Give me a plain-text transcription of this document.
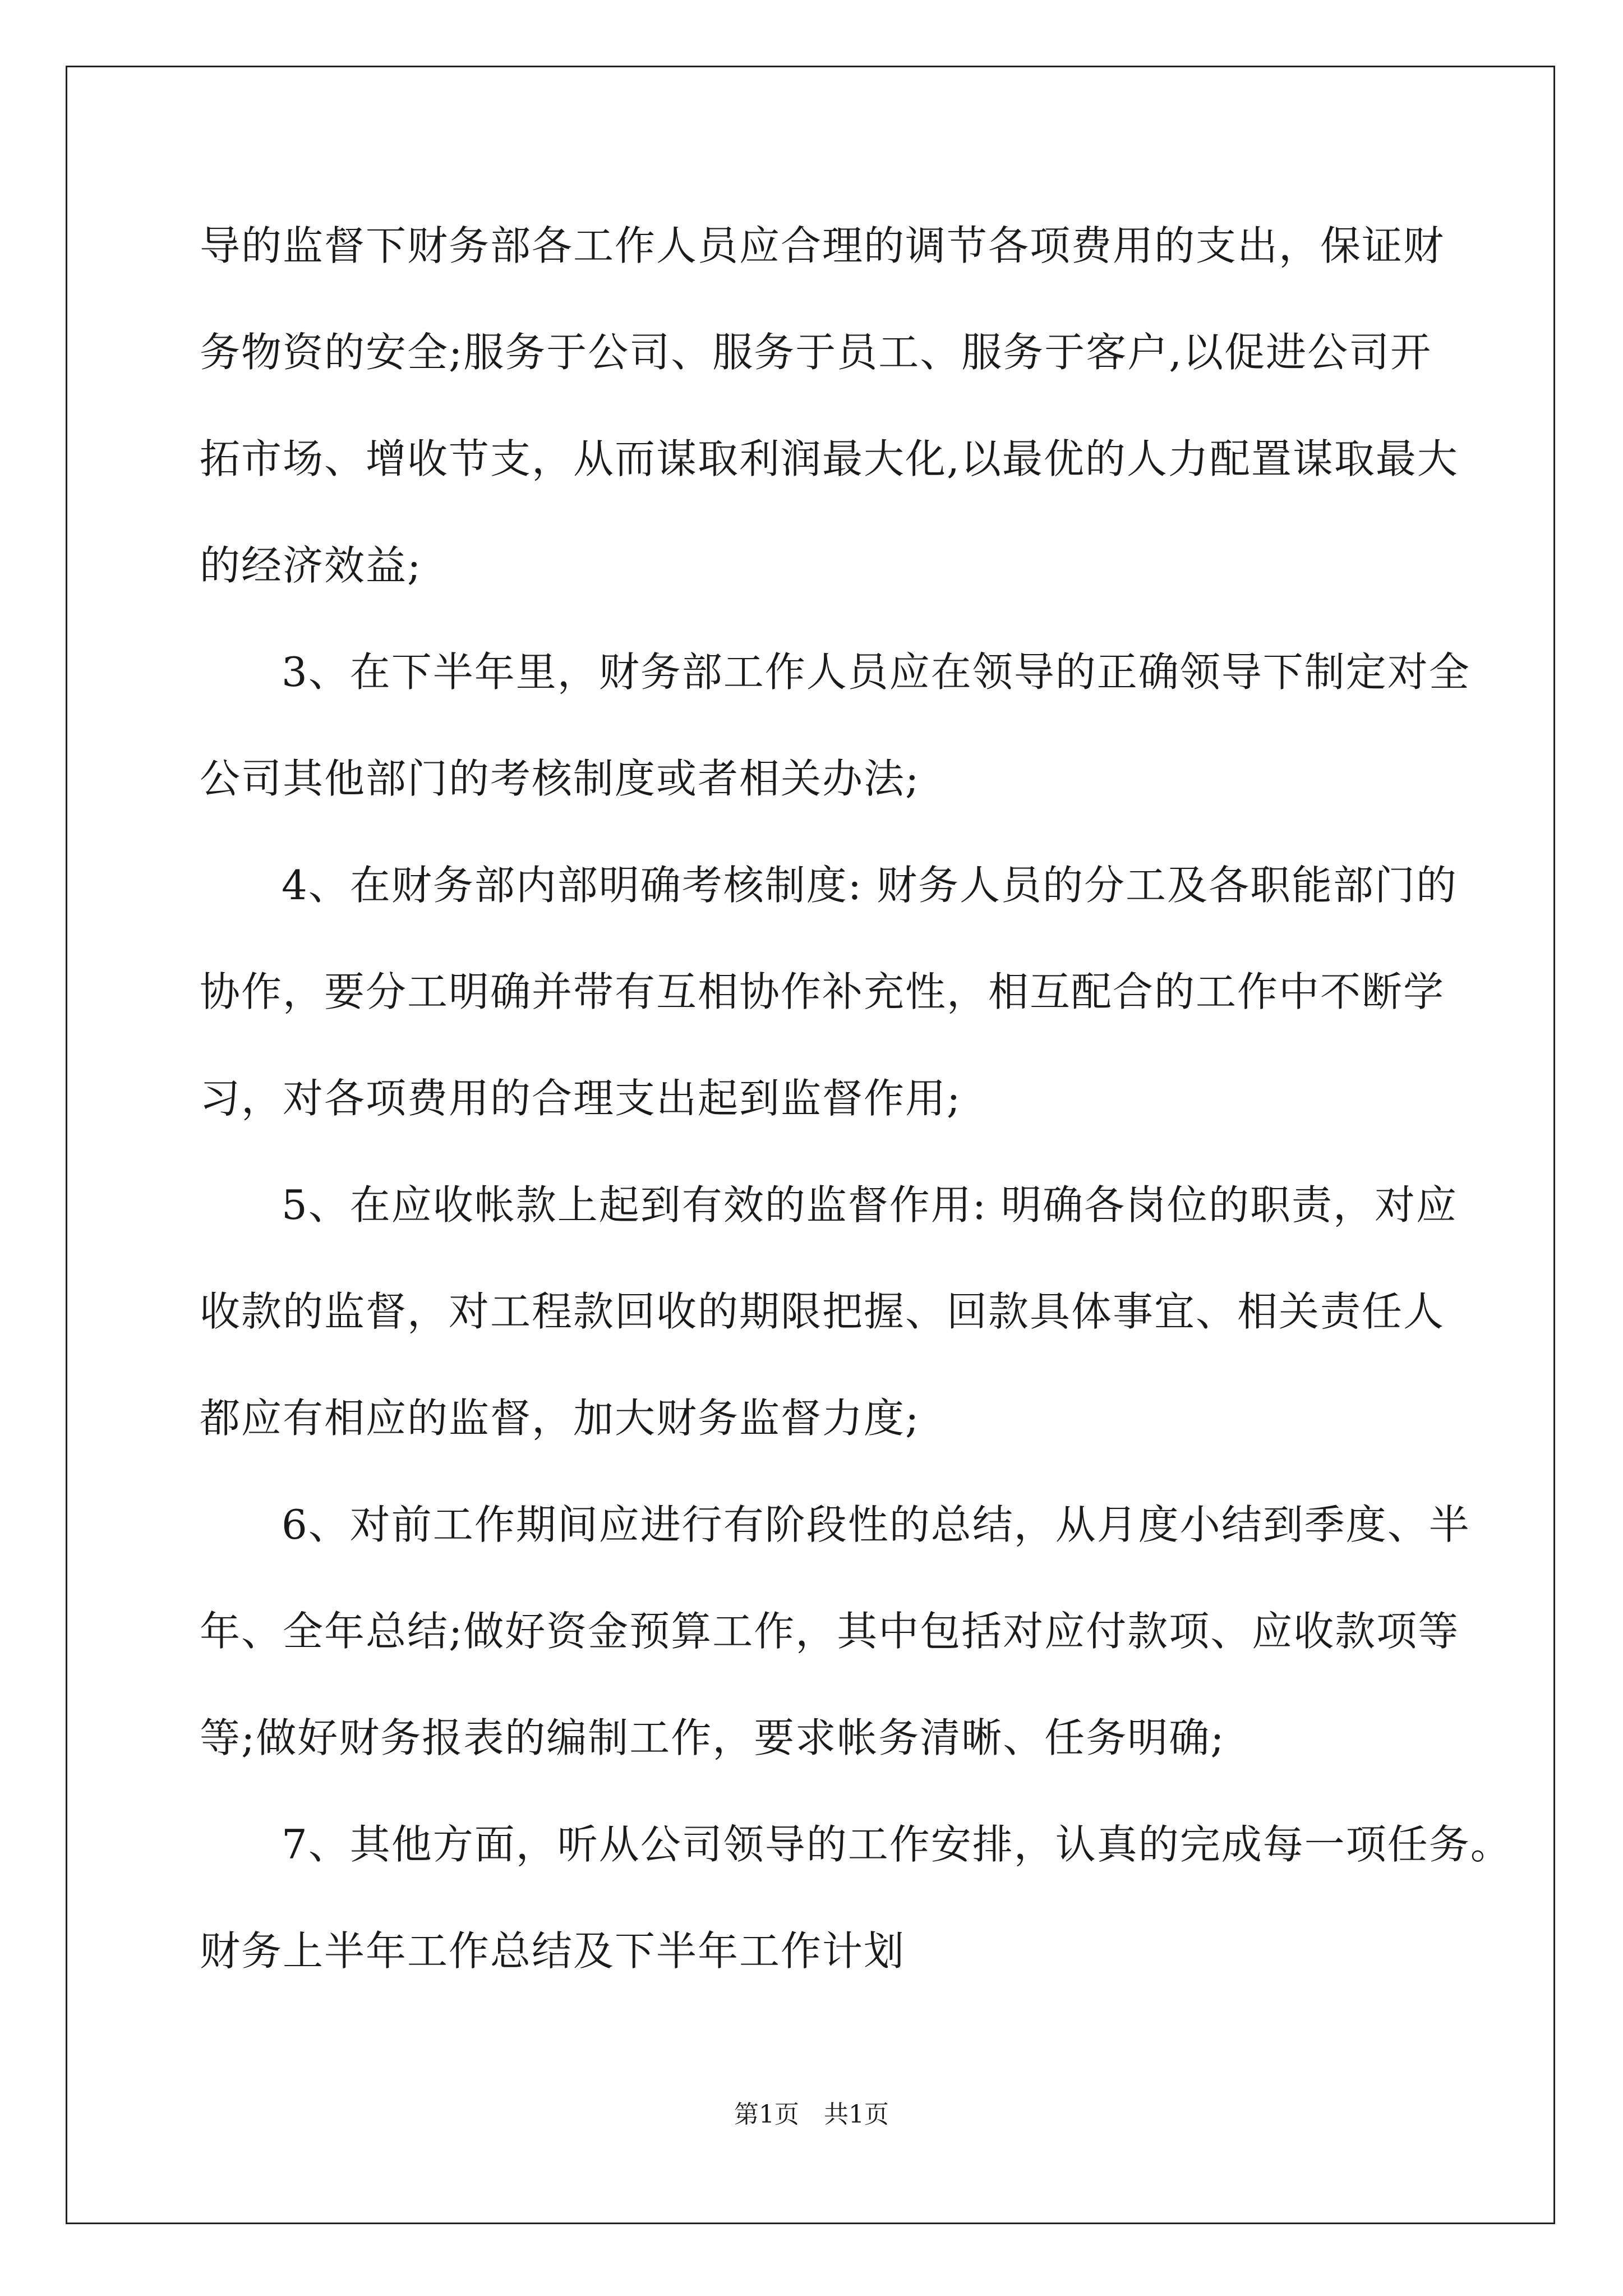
导的监督下财务部各工作人员应合理的调节各项费用的支出，保证财
务物资的安全;服务于公司、服务于员工、服务于客户,以促进公司开
拓市场、增收节支，从而谋取利润最大化,以最优的人力配置谋取最大
的经济效益;
3、在下半年里，财务部工作人员应在领导的正确领导下制定对全
公司其他部门的考核制度或者相关办法;
4、在财务部内部明确考核制度: 财务人员的分工及各职能部门的
协作，要分工明确并带有互相协作补充性，相互配合的工作中不断学
习，对各项费用的合理支出起到监督作用;
5、在应收帐款上起到有效的监督作用: 明确各岗位的职责，对应
收款的监督，对工程款回收的期限把握、回款具体事宜、相关责任人
都应有相应的监督，加大财务监督力度;
6、对前工作期间应进行有阶段性的总结，从月度小结到季度、半
年、全年总结;做好资金预算工作，其中包括对应付款项、应收款项等
等;做好财务报表的编制工作，要求帐务清晰、任务明确;
7、其他方面，听从公司领导的工作安排，认真的完成每一项任务。
财务上半年工作总结及下半年工作计划
第1页 共1页
